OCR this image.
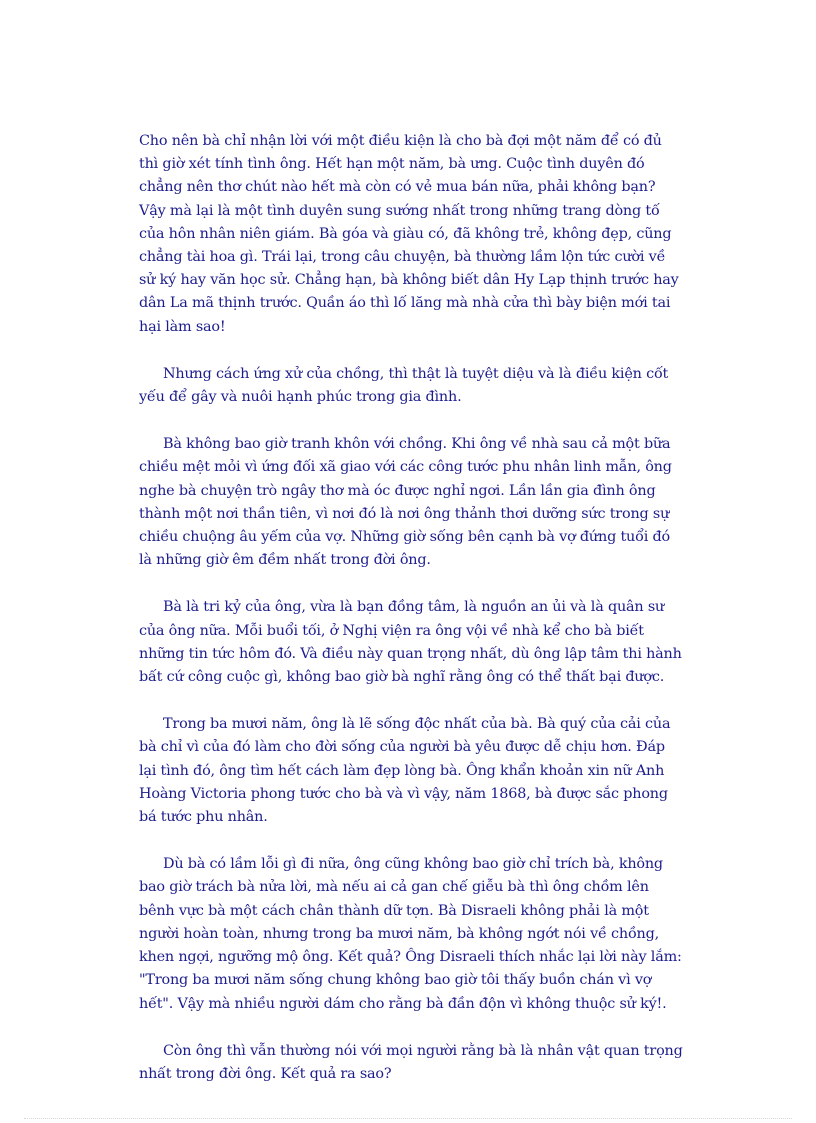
Cho nên bà chỉ nhận lời với một điều kiện là cho bà đợi một năm để có đủ thì giờ xét tính tình ông. Hết hạn một năm, bà ưng. Cuộc tình duyên đó chẳng nên thơ chút nào hết mà còn có vẻ mua bán nữa, phải không bạn? Vậy mà lại là một tình duyên sung sướng nhất trong những trang dòng tố của hôn nhân niên giám. Bà góa và giàu có, đã không trẻ, không đẹp, cũng chẳng tài hoa gì. Trái lại, trong câu chuyện, bà thường lầm lộn tức cười về sử ký hay văn học sử. Chẳng hạn, bà không biết dân Hy Lạp thịnh trước hay dân La mã thịnh trước. Quần áo thì lố lăng mà nhà cửa thì bày biện mới tai hại làm sao!

Nhưng cách ứng xử của chồng, thì thật là tuyệt diệu và là điều kiện cốt yếu để gây và nuôi hạnh phúc trong gia đình.

Bà không bao giờ tranh khôn với chồng. Khi ông về nhà sau cả một bữa chiều mệt mỏi vì ứng đối xã giao với các công tước phu nhân linh mẫn, ông nghe bà chuyện trò ngây thơ mà óc được nghỉ ngơi. Lần lần gia đình ông thành một nơi thần tiên, vì nơi đó là nơi ông thảnh thơi dưỡng sức trong sự chiều chuộng âu yếm của vợ. Những giờ sống bên cạnh bà vợ đứng tuổi đó là những giờ êm đềm nhất trong đời ông.

Bà là tri kỷ của ông, vừa là bạn đồng tâm, là nguồn an ủi và là quân sư của ông nữa. Mỗi buổi tối, ở Nghị viện ra ông vội về nhà kể cho bà biết những tin tức hôm đó. Và điều này quan trọng nhất, dù ông lập tâm thi hành bất cứ công cuộc gì, không bao giờ bà nghĩ rằng ông có thể thất bại được.

Trong ba mươi năm, ông là lẽ sống độc nhất của bà. Bà quý của cải của bà chỉ vì của đó làm cho đời sống của người bà yêu được dễ chịu hơn. Đáp lại tình đó, ông tìm hết cách làm đẹp lòng bà. Ông khẩn khoản xin nữ Anh Hoàng Victoria phong tước cho bà và vì vậy, năm 1868, bà được sắc phong bá tước phu nhân.

Dù bà có lầm lỗi gì đi nữa, ông cũng không bao giờ chỉ trích bà, không bao giờ trách bà nửa lời, mà nếu ai cả gan chế giễu bà thì ông chồm lên bênh vực bà một cách chân thành dữ tợn. Bà Disraeli không phải là một người hoàn toàn, nhưng trong ba mươi năm, bà không ngớt nói về chồng, khen ngợi, ngưỡng mộ ông. Kết quả? Ông Disraeli thích nhắc lại lời này lắm: "Trong ba mươi năm sống chung không bao giờ tôi thấy buồn chán vì vợ hết". Vậy mà nhiều người dám cho rằng bà đần độn vì không thuộc sử ký!.

Còn ông thì vẫn thường nói với mọi người rằng bà là nhân vật quan trọng nhất trong đời ông. Kết quả ra sao?
